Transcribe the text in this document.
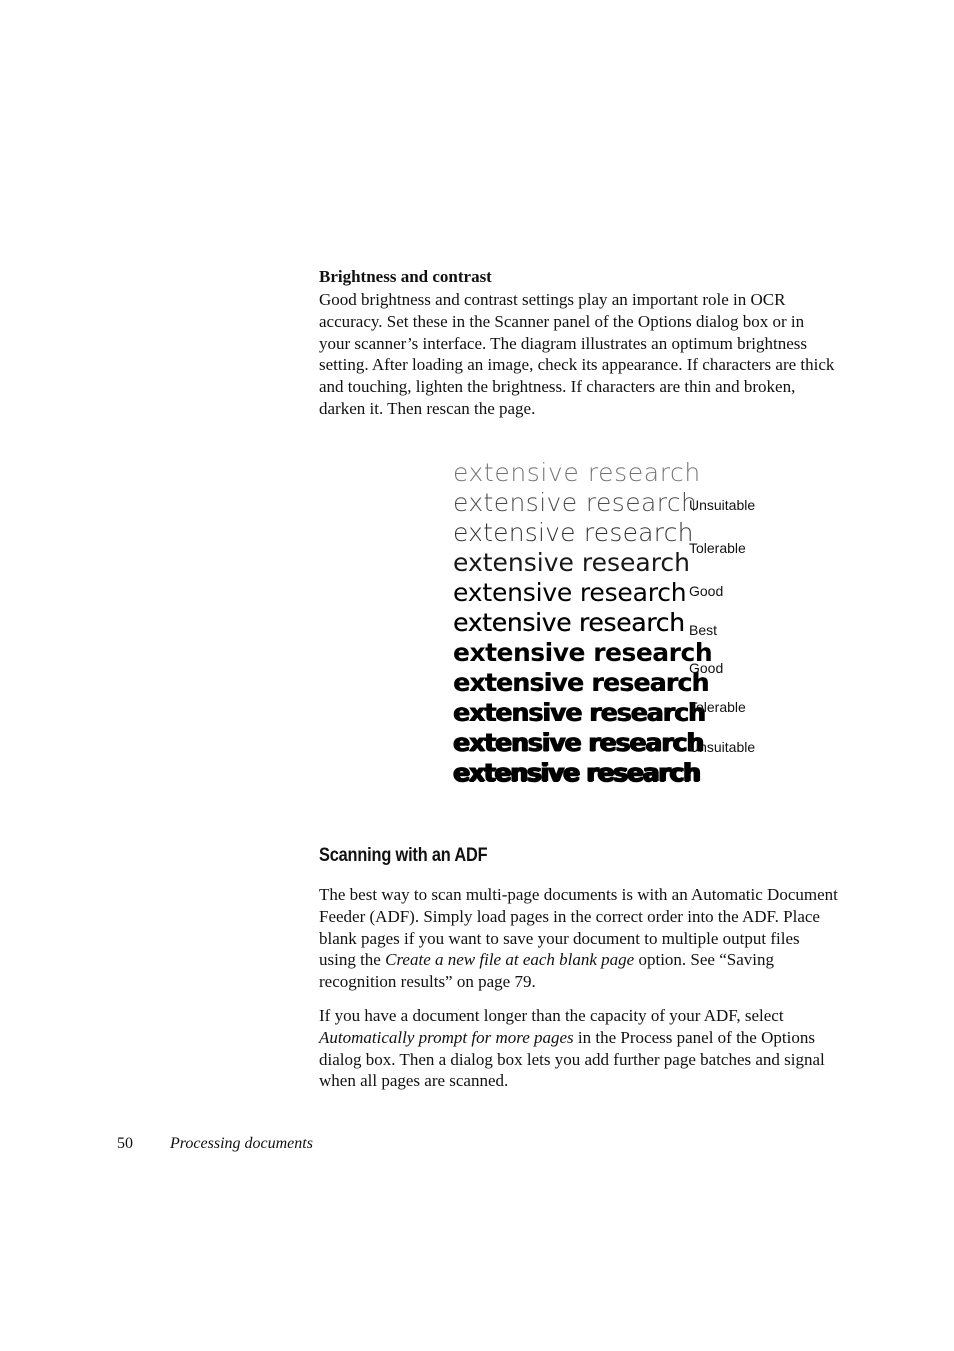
Brightness and contrast

Good brightness and contrast settings play an important role in OCR accuracy. Set these in the Scanner panel of the Options dialog box or in your scanner’s interface. The diagram illustrates an optimum brightness setting. After loading an image, check its appearance. If characters are thick and touching, lighten the brightness. If characters are thin and broken, darken it. Then rescan the page.

extensive research
extensive research
extensive research
extensive research
extensive research
extensive research
extensive research
extensive research
extensive research
extensive research
extensive research
Unsuitable
Tolerable
Good
Best
Good
Tolerable
Unsuitable
Scanning with an ADF

The best way to scan multi-page documents is with an Automatic Document Feeder (ADF). Simply load pages in the correct order into the ADF. Place blank pages if you want to save your document to multiple output files using the Create a new file at each blank page option. See “Saving recognition results” on page 79.

If you have a document longer than the capacity of your ADF, select Automatically prompt for more pages in the Process panel of the Options dialog box. Then a dialog box lets you add further page batches and signal when all pages are scanned.

50 Processing documents
